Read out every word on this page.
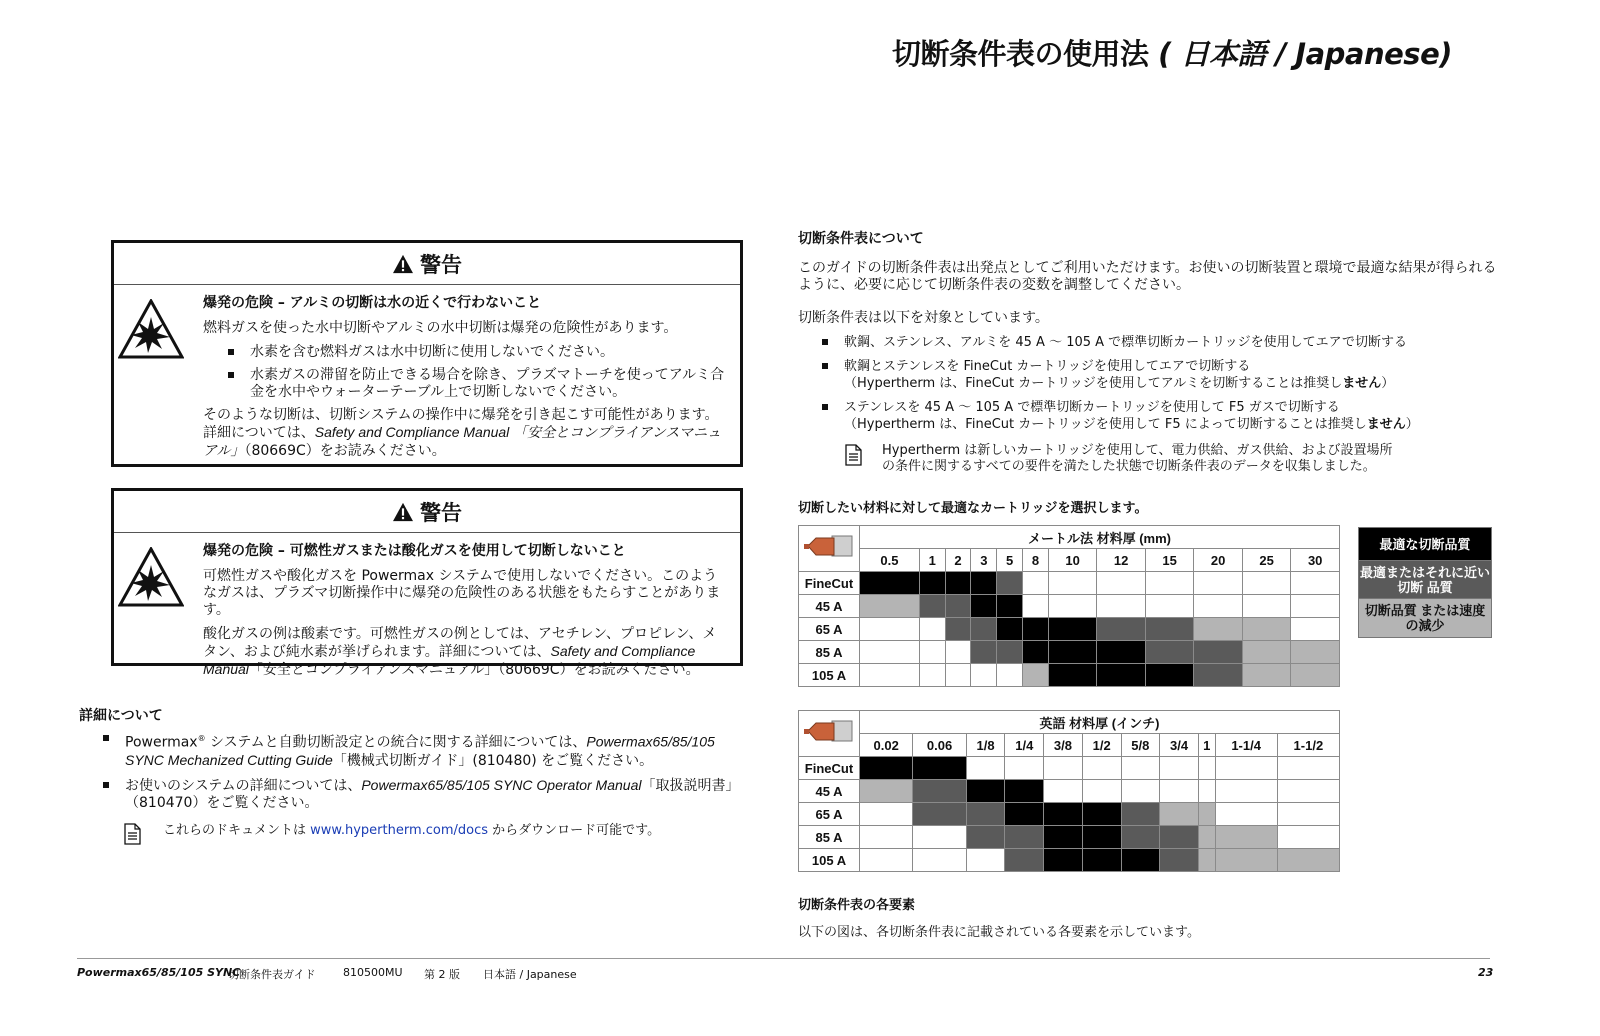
切断条件表の使用法 ( 日本語 / Japanese)
警告
爆発の危険 – アルミの切断は水の近くで行わないこと

燃料ガスを使った水中切断やアルミの水中切断は爆発の危険性があります。

水素を含む燃料ガスは水中切断に使用しないでください。
水素ガスの滞留を防止できる場合を除き、プラズマトーチを使ってアルミ合金を水中やウォーターテーブル上で切断しないでください。

そのような切断は、切断システムの操作中に爆発を引き起こす可能性があります。詳細については、Safety and Compliance Manual 「安全とコンプライアンスマニュアル」（80669C）をお読みください。

警告
爆発の危険 – 可燃性ガスまたは酸化ガスを使用して切断しないこと

可燃性ガスや酸化ガスを Powermax システムで使用しないでください。このようなガスは、プラズマ切断操作中に爆発の危険性のある状態をもたらすことがあります。

酸化ガスの例は酸素です。可燃性ガスの例としては、アセチレン、プロピレン、メタン、および純水素が挙げられます。詳細については、Safety and Compliance Manual「安全とコンプライアンスマニュアル」（80669C）をお読みください。

詳細について
Powermax® システムと自動切断設定との統合に関する詳細については、Powermax65/85/105 SYNC Mechanized Cutting Guide「機械式切断ガイド」(810480) をご覧ください。
お使いのシステムの詳細については、Powermax65/85/105 SYNC Operator Manual「取扱説明書」（810470）をご覧ください。
これらのドキュメントは www.hypertherm.com/docs からダウンロード可能です。
切断条件表について
このガイドの切断条件表は出発点としてご利用いただけます。お使いの切断装置と環境で最適な結果が得られるように、必要に応じて切断条件表の変数を調整してください。
切断条件表は以下を対象としています。
軟鋼、ステンレス、アルミを 45 A 〜 105 A で標準切断カートリッジを使用してエアで切断する
軟鋼とステンレスを FineCut カートリッジを使用してエアで切断する
（Hypertherm は、FineCut カートリッジを使用してアルミを切断することは推奨しません）
ステンレスを 45 A 〜 105 A で標準切断カートリッジを使用して F5 ガスで切断する
（Hypertherm は、FineCut カートリッジを使用して F5 によって切断することは推奨しません）
Hypertherm は新しいカートリッジを使用して、電力供給、ガス供給、および設置場所の条件に関するすべての要件を満たした状態で切断条件表のデータを収集しました。
切断したい材料に対して最適なカートリッジを選択します。
	メートル法 材料厚 (mm)											
	0.5	1	2	3	5	8	10	12	15	20	25	30
FineCut												
45 A												
65 A												
85 A												
105 A												
	英語 材料厚 (インチ)										
	0.02	0.06	1/8	1/4	3/8	1/2	5/8	3/4	1	1-1/4	1-1/2
FineCut											
45 A											
65 A											
85 A											
105 A											
最適な切断品質
最適またはそれに近い切断 品質
切断品質 または速度の減少
切断条件表の各要素
以下の図は、各切断条件表に記載されている各要素を示しています。
Powermax65/85/105 SYNC
切断条件表ガイド 810500MU 第 2 版 日本語 / Japanese	23
